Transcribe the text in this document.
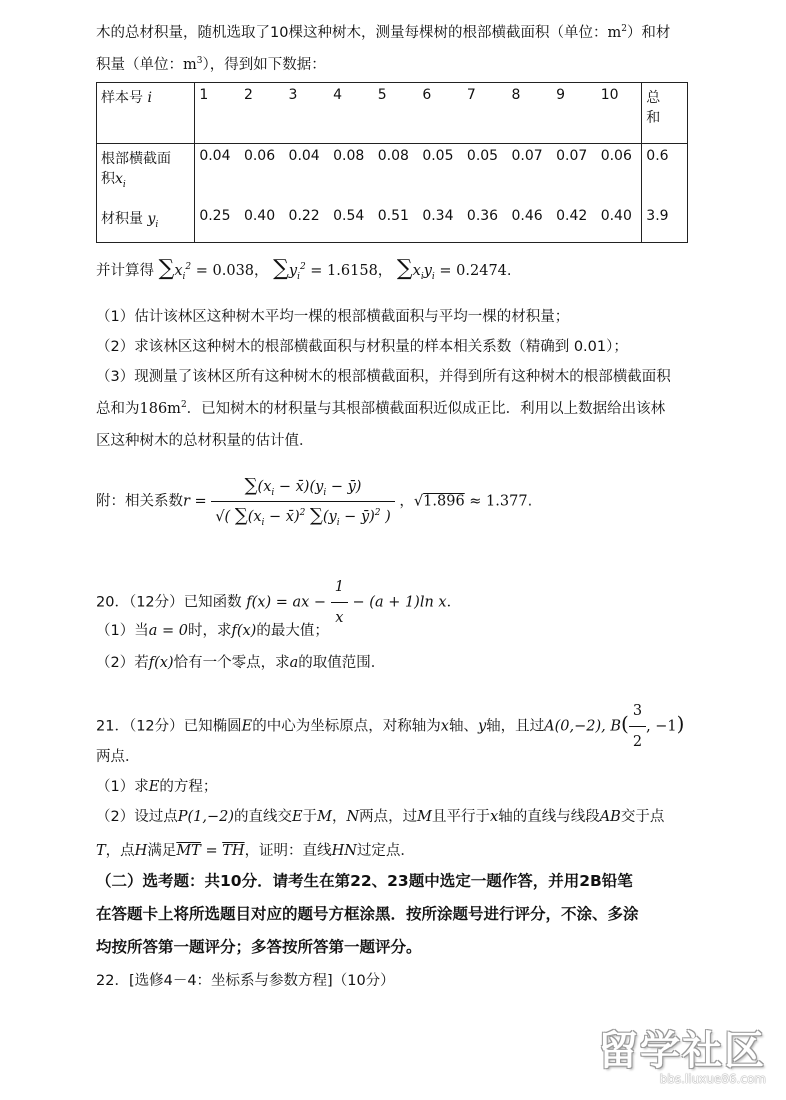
木的总材积量，随机选取了10棵这种树木，测量每棵树的根部横截面积（单位：$m^2$）和材
积量（单位：$m^3$），得到如下数据：
样本号 i	1	2	3	4	5	6	7	8	9	10	总
和
根部横截面
积$x_i$	0.04	0.06	0.04	0.08	0.08	0.05	0.05	0.07	0.07	0.06	0.6
材积量 $y_i$	0.25	0.40	0.22	0.54	0.51	0.34	0.36	0.46	0.42	0.40	3.9
并计算得 $\sum x_i^2 = 0.038$， $\sum y_i^2 = 1.6158$， $\sum x_iy_i = 0.2474$.
（1）估计该林区这种树木平均一棵的根部横截面积与平均一棵的材积量；
（2）求该林区这种树木的根部横截面积与材积量的样本相关系数（精确到 0.01）；
（3）现测量了该林区所有这种树木的根部横截面积，并得到所有这种树木的根部横截面积
总和为$186m^2$．已知树木的材积量与其根部横截面积近似成正比．利用以上数据给出该林
区这种树木的总材积量的估计值．
附：相关系数$r = \frac{\sum(x_i - x̄)(y_i - ȳ)}{√( \sum(x_i - x̄)^2 \sum(y_i - ȳ)^2 )}$ ，√1.896 ≈ 1.377.
20．（12分）已知函数 f(x) = ax − $\frac{1}{x} - (a + 1)\ln$ x．
（1）当a = 0时，求f(x)的最大值；
（2）若f(x)恰有一个零点，求a的取值范围．
21．（12分）已知椭圆E的中心为坐标原点，对称轴为x轴、y轴，且过A(0,−2), $B( \frac{3}{2}$ , −1)
两点．
（1）求E的方程；
（2）设过点P(1,−2)的直线交E于M，N两点，过M且平行于x轴的直线与线段AB交于点
T，点H满足$\overline{MT} = \overline{TH}$，证明：直线HN过定点．
（二）选考题：共10分．请考生在第22、23题中选定一题作答，并用2B铅笔
在答题卡上将所选题目对应的题号方框涂黑．按所涂题号进行评分，不涂、多涂
均按所答第一题评分；多答按所答第一题评分。
22．[选修4－4：坐标系与参数方程]（10分）
留学社区
bbs.liuxue86.com
